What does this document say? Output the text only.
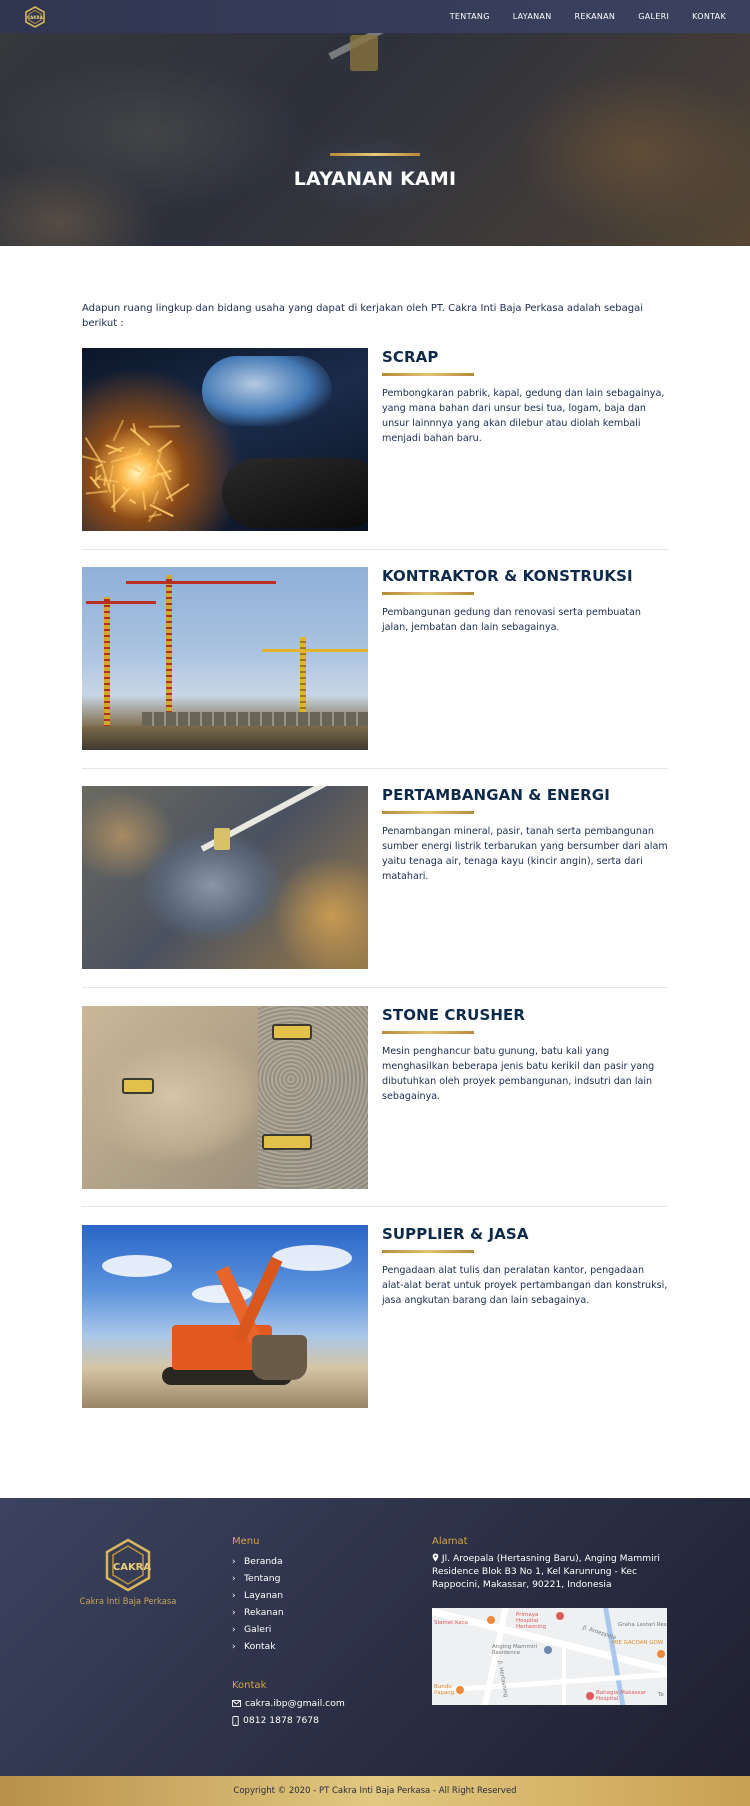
CAKRA	TENTANG	LAYANAN	REKANAN	GALERI	KONTAK
LAYANAN KAMI

Adapun ruang lingkup dan bidang usaha yang dapat di kerjakan oleh PT. Cakra Inti Baja Perkasa adalah sebagai berikut :

SCRAP

Pembongkaran pabrik, kapal, gedung dan lain sebagainya, yang mana bahan dari unsur besi tua, logam, baja dan unsur lainnnya yang akan dilebur atau diolah kembali menjadi bahan baru.

KONTRAKTOR & KONSTRUKSI

Pembangunan gedung dan renovasi serta pembuatan jalan, jembatan dan lain sebagainya.

PERTAMBANGAN & ENERGI

Penambangan mineral, pasir, tanah serta pembangunan sumber energi listrik terbarukan yang bersumber dari alam yaitu tenaga air, tenaga kayu (kincir angin), serta dari matahari.

STONE CRUSHER

Mesin penghancur batu gunung, batu kali yang menghasilkan beberapa jenis batu kerikil dan pasir yang dibutuhkan oleh proyek pembangunan, indsutri dan lain sebagainya.

SUPPLIER & JASA

Pengadaan alat tulis dan peralatan kantor, pengadaan alat-alat berat untuk proyek pertambangan dan konstruksi, jasa angkutan barang dan lain sebagainya.

CAKRA
Cakra Inti Baja Perkasa
Menu
› Beranda
› Tentang
› Layanan
› Rekanan
› Galeri
› Kontak
Kontak
cakra.ibp@gmail.com
0812 1878 7678
Alamat
Jl. Aroepala (Hertasning Baru), Anging Mammiri Residence Blok B3 No 1, Kel Karunrung - Kec Rappocini, Makassar, 90221, Indonesia
Slamet Kece
Primaya Hospital Hertasning	Jl. Aroeppala Graha Lestari Res
MIE GACOAN GOW
Anging Mammiri Residence
Bundu Papang	Jl. Hertasning	Bahagia Makassar Hospital
Te
Copyright © 2020 - PT Cakra Inti Baja Perkasa - All Right Reserved
